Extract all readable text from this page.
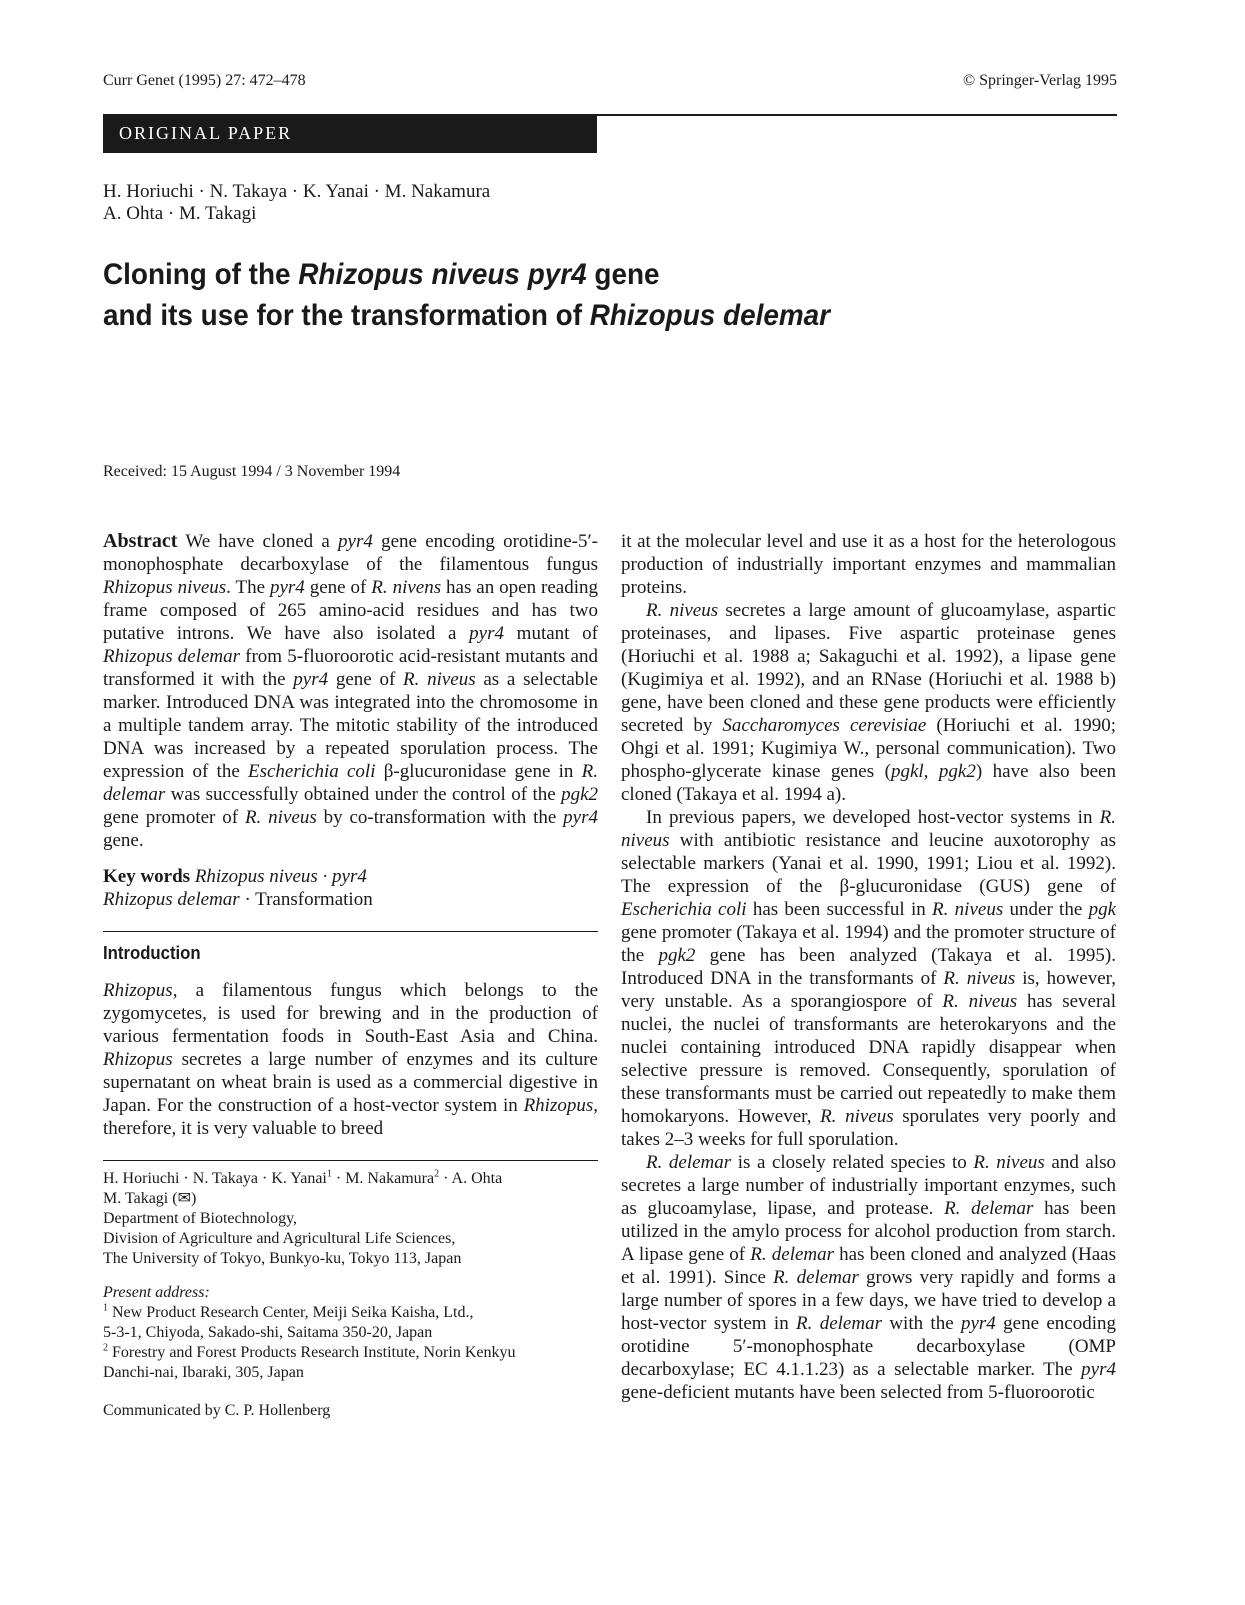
Curr Genet (1995) 27: 472–478	© Springer-Verlag 1995
ORIGINAL PAPER
H. Horiuchi · N. Takaya · K. Yanai · M. Nakamura
A. Ohta · M. Takagi
Cloning of the Rhizopus niveus pyr4 gene
and its use for the transformation of Rhizopus delemar
Received: 15 August 1994 / 3 November 1994

Abstract We have cloned a pyr4 gene encoding orotidine-5′-monophosphate decarboxylase of the filamentous fungus Rhizopus niveus. The pyr4 gene of R. nivens has an open reading frame composed of 265 amino-acid residues and has two putative introns. We have also isolated a pyr4 mutant of Rhizopus delemar from 5-fluoroorotic acid-resistant mutants and transformed it with the pyr4 gene of R. niveus as a selectable marker. Introduced DNA was integrated into the chromosome in a multiple tandem array. The mitotic stability of the introduced DNA was increased by a repeated sporulation process. The expression of the Escherichia coli β-glucuronidase gene in R. delemar was successfully obtained under the control of the pgk2 gene promoter of R. niveus by co-transformation with the pyr4 gene.

Key words Rhizopus niveus · pyr4
Rhizopus delemar · Transformation

Introduction

Rhizopus, a filamentous fungus which belongs to the zygomycetes, is used for brewing and in the production of various fermentation foods in South-East Asia and China. Rhizopus secretes a large number of enzymes and its culture supernatant on wheat brain is used as a commercial digestive in Japan. For the construction of a host-vector system in Rhizopus, therefore, it is very valuable to breed

H. Horiuchi · N. Takaya · K. Yanai$^1$ · M. Nakamura$^2$ · A. Ohta
M. Takagi (✉)
Department of Biotechnology,
Division of Agriculture and Agricultural Life Sciences,
The University of Tokyo, Bunkyo-ku, Tokyo 113, Japan
Present address:
$^1$ New Product Research Center, Meiji Seika Kaisha, Ltd.,
5-3-1, Chiyoda, Sakado-shi, Saitama 350-20, Japan
$^2$ Forestry and Forest Products Research Institute, Norin Kenkyu
Danchi-nai, Ibaraki, 305, Japan
Communicated by C. P. Hollenberg

it at the molecular level and use it as a host for the heterologous production of industrially important enzymes and mammalian proteins.

R. niveus secretes a large amount of glucoamylase, aspartic proteinases, and lipases. Five aspartic proteinase genes (Horiuchi et al. 1988 a; Sakaguchi et al. 1992), a lipase gene (Kugimiya et al. 1992), and an RNase (Horiuchi et al. 1988 b) gene, have been cloned and these gene products were efficiently secreted by Saccharomyces cerevisiae (Horiuchi et al. 1990; Ohgi et al. 1991; Kugimiya W., personal communication). Two phospho-glycerate kinase genes (pgkl, pgk2) have also been cloned (Takaya et al. 1994 a).

In previous papers, we developed host-vector systems in R. niveus with antibiotic resistance and leucine auxotorophy as selectable markers (Yanai et al. 1990, 1991; Liou et al. 1992). The expression of the β-glucuronidase (GUS) gene of Escherichia coli has been successful in R. niveus under the pgk gene promoter (Takaya et al. 1994) and the promoter structure of the pgk2 gene has been analyzed (Takaya et al. 1995). Introduced DNA in the transformants of R. niveus is, however, very unstable. As a sporangiospore of R. niveus has several nuclei, the nuclei of transformants are heterokaryons and the nuclei containing introduced DNA rapidly disappear when selective pressure is removed. Consequently, sporulation of these transformants must be carried out repeatedly to make them homokaryons. However, R. niveus sporulates very poorly and takes 2–3 weeks for full sporulation.

R. delemar is a closely related species to R. niveus and also secretes a large number of industrially important enzymes, such as glucoamylase, lipase, and protease. R. delemar has been utilized in the amylo process for alcohol production from starch. A lipase gene of R. delemar has been cloned and analyzed (Haas et al. 1991). Since R. delemar grows very rapidly and forms a large number of spores in a few days, we have tried to develop a host-vector system in R. delemar with the pyr4 gene encoding orotidine 5′-monophosphate decarboxylase (OMP decarboxylase; EC 4.1.1.23) as a selectable marker. The pyr4 gene-deficient mutants have been selected from 5-fluoroorotic
